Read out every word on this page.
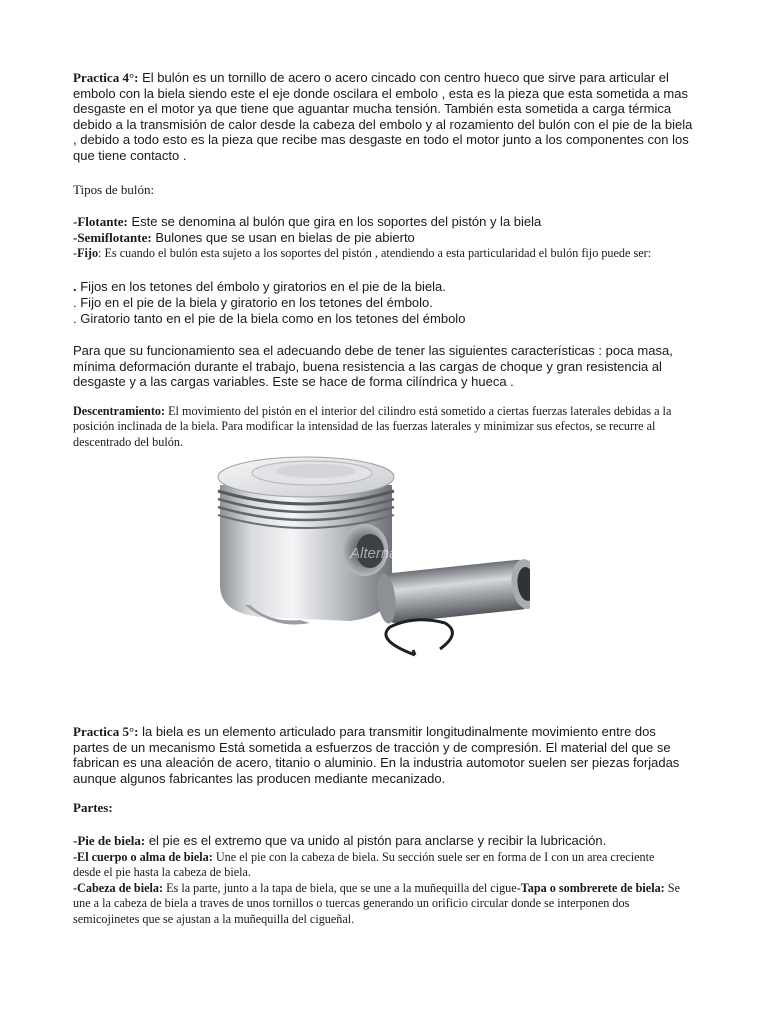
Practica 4°: El bulón es un tornillo de acero o acero cincado con centro hueco que sirve para articular el embolo con la biela siendo este el eje donde oscilara el embolo , esta es la pieza que esta sometida a mas desgaste en el motor ya que tiene que aguantar mucha tensión. También esta sometida a carga térmica debido a la transmisión de calor desde la cabeza del embolo y al rozamiento del bulón con el pie de la biela , debido a todo esto es la pieza que recibe mas desgaste en todo el motor junto a los componentes con los que tiene contacto .

Tipos de bulón:

-Flotante: Este se denomina al bulón que gira en los soportes del pistón y la biela

-Semiflotante: Bulones que se usan en bielas de pie abierto

-Fijo: Es cuando el bulón esta sujeto a los soportes del pistón , atendiendo a esta particularidad el bulón fijo puede ser:

. Fijos en los tetones del émbolo y giratorios en el pie de la biela.

. Fijo en el pie de la biela y giratorio en los tetones del émbolo.

. Giratorio tanto en el pie de la biela como en los tetones del émbolo

Para que su funcionamiento sea el adecuando debe de tener las siguientes características : poca masa, mínima deformación durante el trabajo, buena resistencia a las cargas de choque y gran resistencia al desgaste y a las cargas variables. Este se hace de forma cilíndrica y hueca .

Descentramiento: El movimiento del pistón en el interior del cilindro está sometido a ciertas fuerzas laterales debidas a la posición inclinada de la biela. Para modificar la intensidad de las fuerzas laterales y minimizar sus efectos, se recurre al descentrado del bulón.

AlternativA

Practica 5°: la biela es un elemento articulado para transmitir longitudinalmente movimiento entre dos partes de un mecanismo Está sometida a esfuerzos de tracción y de compresión. El material del que se fabrican es una aleación de acero, titanio o aluminio. En la industria automotor suelen ser piezas forjadas aunque algunos fabricantes las producen mediante mecanizado.

Partes:

-Pie de biela: el pie es el extremo que va unido al pistón para anclarse y recibir la lubricación.

-El cuerpo o alma de biela: Une el pie con la cabeza de biela. Su sección suele ser en forma de I con un area creciente desde el pie hasta la cabeza de biela.

-Cabeza de biela: Es la parte, junto a la tapa de biela, que se une a la muñequilla del cigue-Tapa o sombrerete de biela: Se une a la cabeza de biela a traves de unos tornillos o tuercas generando un orificio circular donde se interponen dos semicojinetes que se ajustan a la muñequilla del cigueñal.
